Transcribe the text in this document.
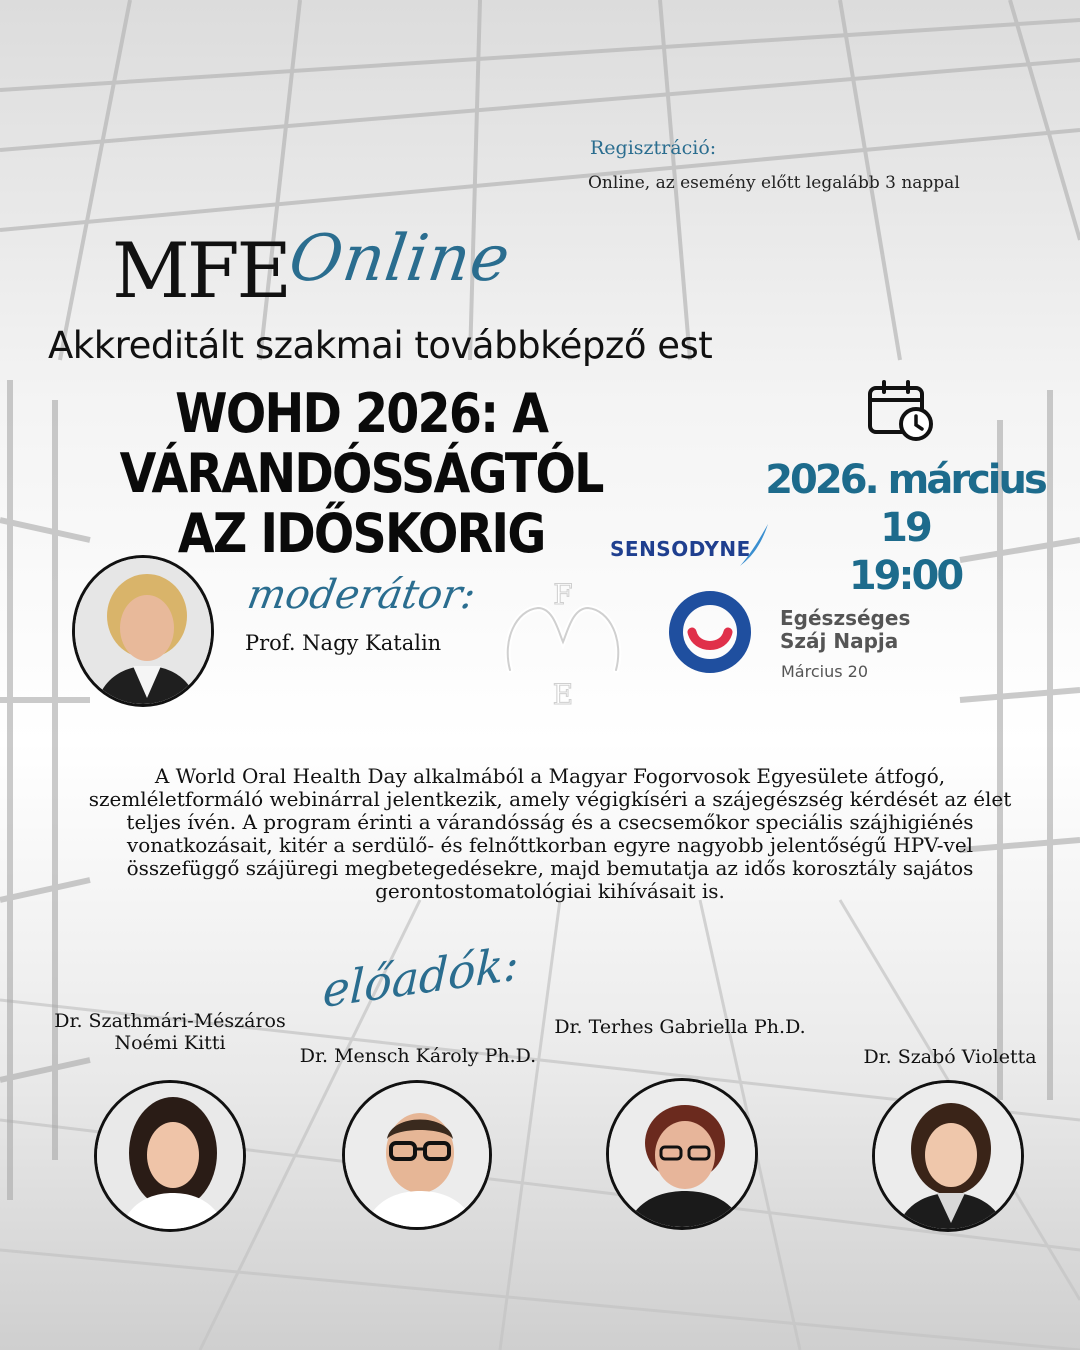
Regisztráció:
Online, az esemény előtt legalább 3 nappal
MFE
Online
Akkreditált szakmai továbbképző est
WOHD 2026: A VÁRANDÓSSÁGTÓL
AZ IDŐSKORIG
2026. március 19
19:00
SENSODYNE
moderátor:
Prof. Nagy Katalin
F
E
Egészséges
Száj Napja
Március 20
A World Oral Health Day alkalmából a Magyar Fogorvosok Egyesülete átfogó, szemléletformáló webinárral jelentkezik, amely végigkíséri a szájegészség kérdését az élet teljes ívén. A program érinti a várandósság és a csecsemőkor speciális szájhigiénés vonatkozásait, kitér a serdülő- és felnőttkorban egyre nagyobb jelentőségű HPV-vel összefüggő szájüregi megbetegedésekre, majd bemutatja az idős korosztály sajátos gerontostomatológiai kihívásait is.
előadók:
Dr. Szathmári-Mészáros
Noémi Kitti
Dr. Mensch Károly Ph.D.
Dr. Terhes Gabriella Ph.D.
Dr. Szabó Violetta
